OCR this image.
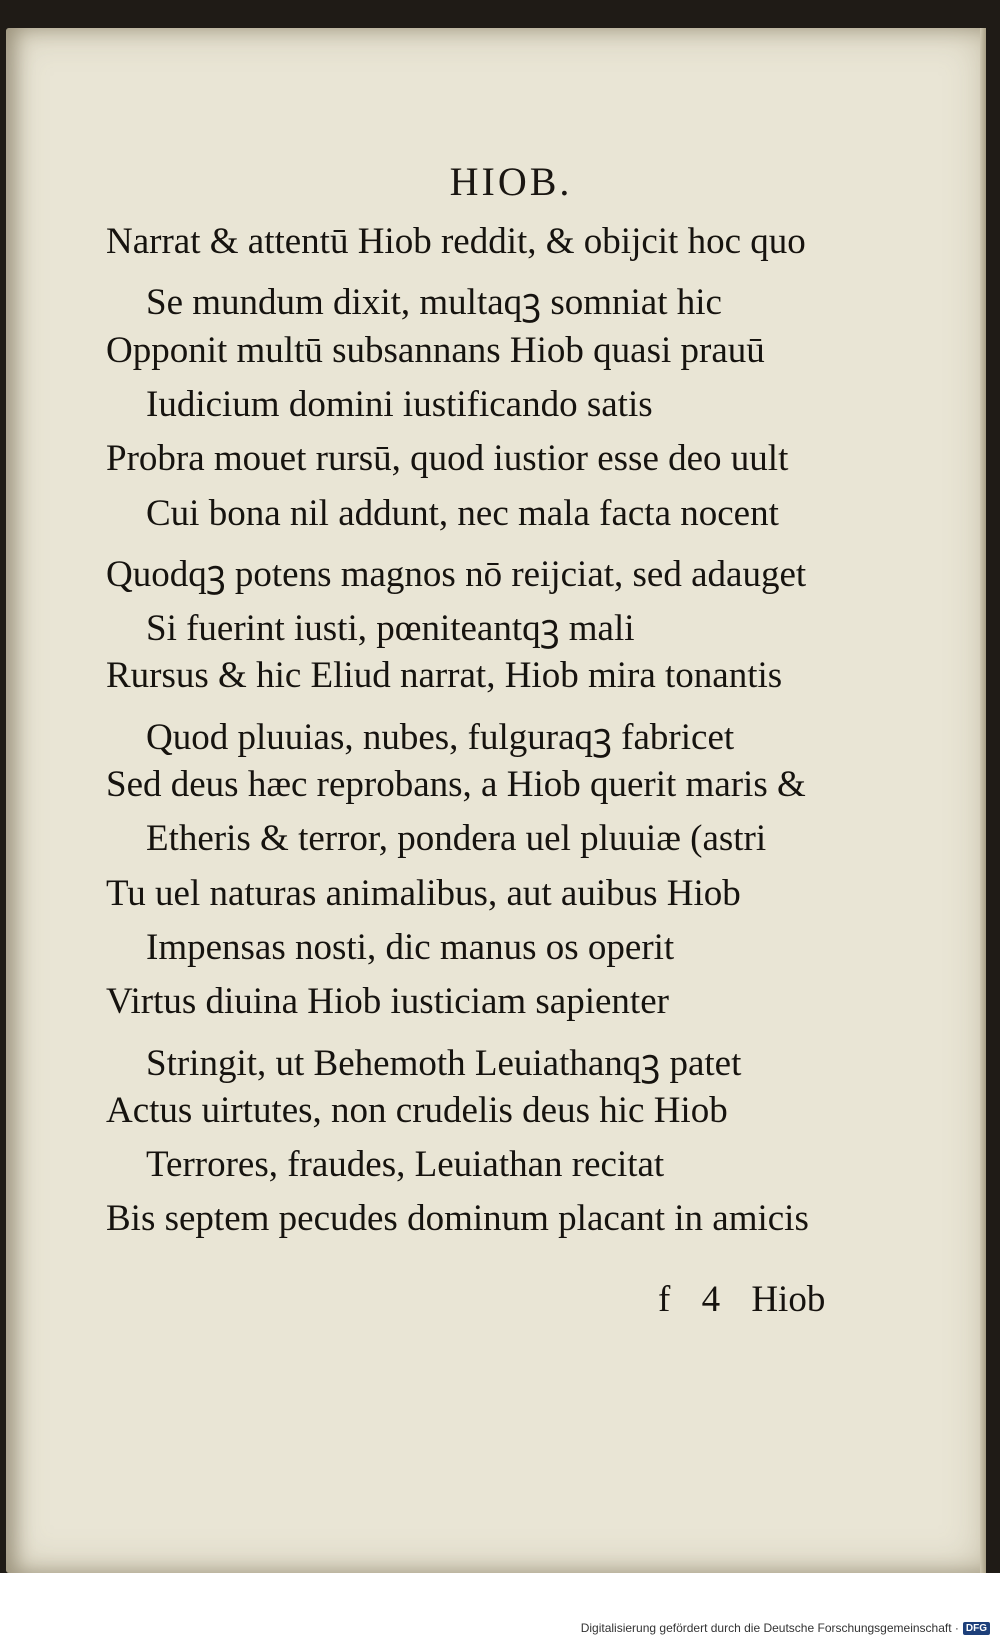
HIOB.
Narrat & attentū Hiob reddit, & obijcit hoc quo
Se mundum dixit, multaqꝫ somniat hic
Opponit multū subsannans Hiob quasi prauū
Iudicium domini iustificando satis
Probra mouet rursū, quod iustior esse deo uult
Cui bona nil addunt, nec mala facta nocent
Quodqꝫ potens magnos nō reijciat, sed adauget
Si fuerint iusti, pœniteantqꝫ mali
Rursus & hic Eliud narrat, Hiob mira tonantis
Quod pluuias, nubes, fulguraqꝫ fabricet
Sed deus hæc reprobans, a Hiob querit maris &
Etheris & terror, pondera uel pluuiæ (astri
Tu uel naturas animalibus, aut auibus Hiob
Impensas nosti, dic manus os operit
Virtus diuina Hiob iusticiam sapienter
Stringit, ut Behemoth Leuiathanqꝫ patet
Actus uirtutes, non crudelis deus hic Hiob
Terrores, fraudes, Leuiathan recitat
Bis septem pecudes dominum placant in amicis
f 4 Hiob
Digitalisierung gefördert durch die Deutsche Forschungsgemeinschaft · DFG
